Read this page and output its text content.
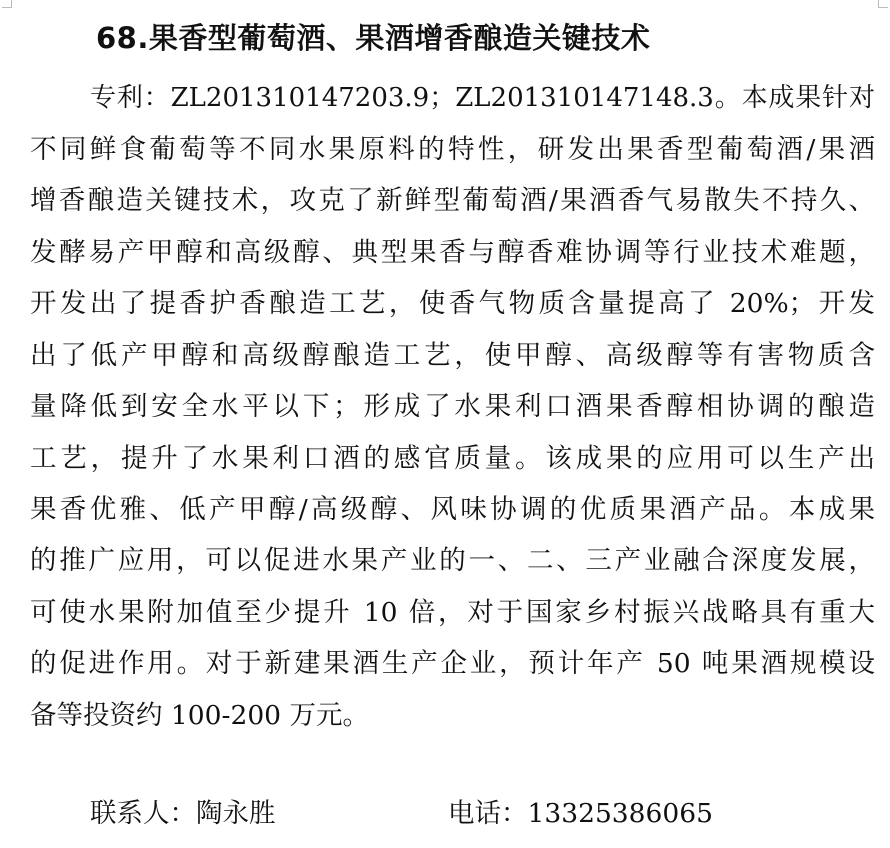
68.果香型葡萄酒、果酒增香酿造关键技术
专利：ZL201310147203.9；ZL201310147148.3。本成果针对
不同鲜食葡萄等不同水果原料的特性，研发出果香型葡萄酒/果酒
增香酿造关键技术，攻克了新鲜型葡萄酒/果酒香气易散失不持久、
发酵易产甲醇和高级醇、典型果香与醇香难协调等行业技术难题，
开发出了提香护香酿造工艺，使香气物质含量提高了 20%；开发
出了低产甲醇和高级醇酿造工艺，使甲醇、高级醇等有害物质含
量降低到安全水平以下；形成了水果利口酒果香醇相协调的酿造
工艺，提升了水果利口酒的感官质量。该成果的应用可以生产出
果香优雅、低产甲醇/高级醇、风味协调的优质果酒产品。本成果
的推广应用，可以促进水果产业的一、二、三产业融合深度发展，
可使水果附加值至少提升 10 倍，对于国家乡村振兴战略具有重大
的促进作用。对于新建果酒生产企业，预计年产 50 吨果酒规模设
备等投资约 100-200 万元。
联系人：陶永胜	电话：13325386065
